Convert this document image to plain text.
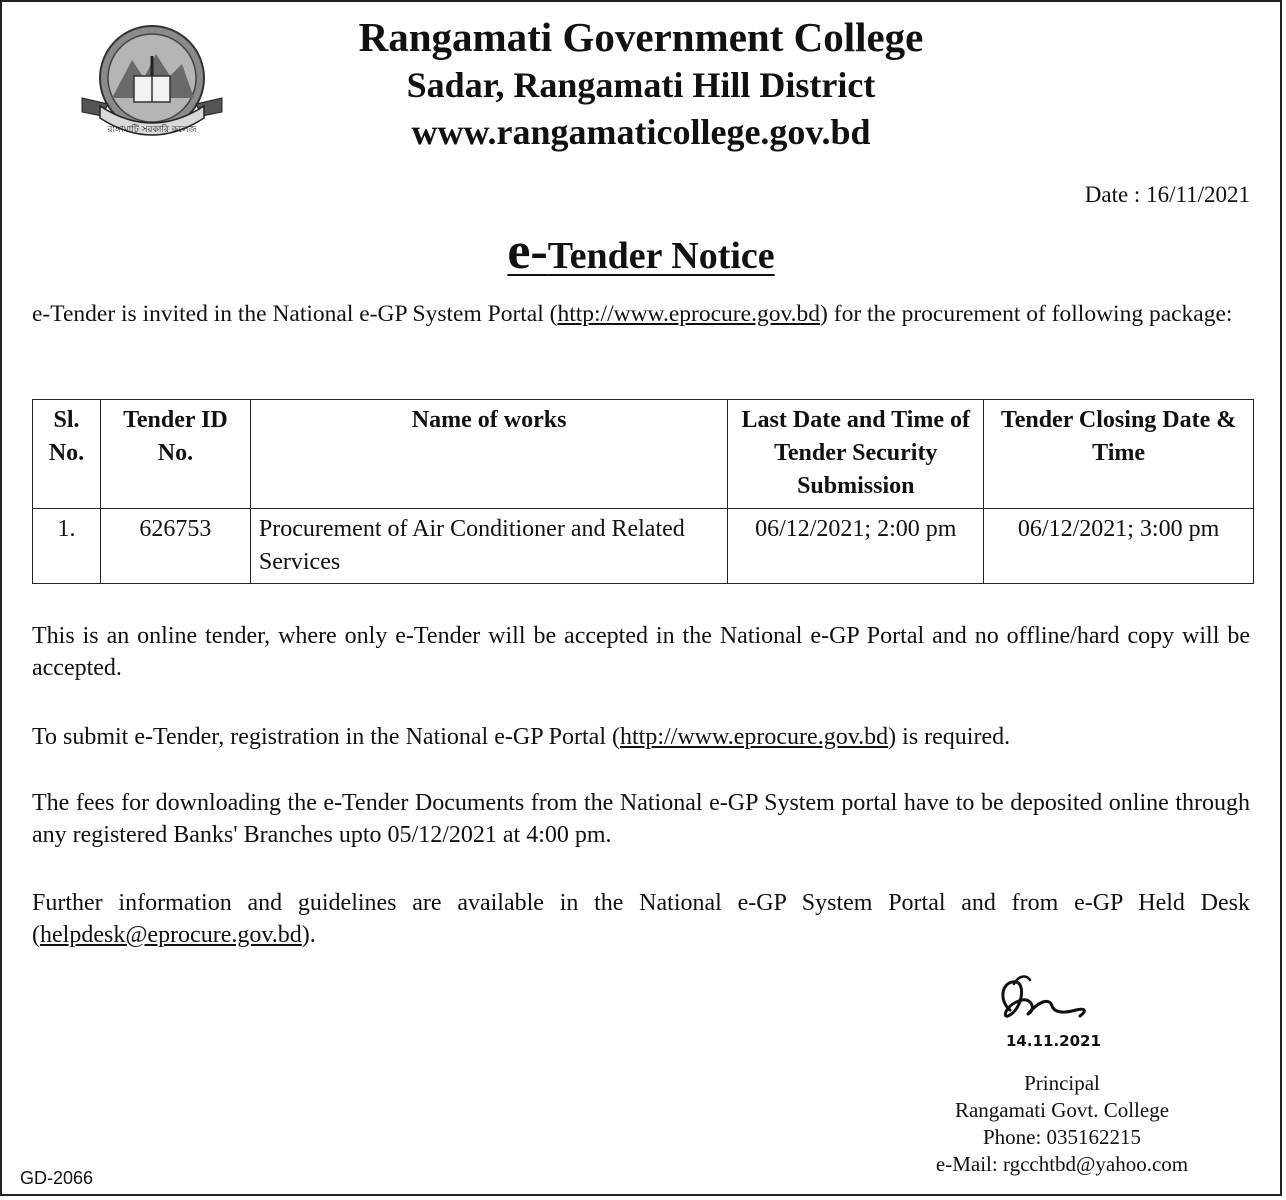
রাঙ্গামাটি সরকারি কলেজ
Rangamati Government College
Sadar, Rangamati Hill District
www.rangamaticollege.gov.bd
Date : 16/11/2021
e-Tender Notice
e-Tender is invited in the National e-GP System Portal (http://www.eprocure.gov.bd) for the procurement of following package:
Sl. No.	Tender ID No.	Name of works	Last Date and Time of Tender Security Submission	Tender Closing Date & Time
1.	626753	Procurement of Air Conditioner and Related Services	06/12/2021; 2:00 pm	06/12/2021; 3:00 pm
This is an online tender, where only e-Tender will be accepted in the National e-GP Portal and no offline/hard copy will be accepted.
To submit e-Tender, registration in the National e-GP Portal (http://www.eprocure.gov.bd) is required.
The fees for downloading the e-Tender Documents from the National e-GP System portal have to be deposited online through any registered Banks' Branches upto 05/12/2021 at 4:00 pm.
Further information and guidelines are available in the National e-GP System Portal and from e-GP Held Desk (helpdesk@eprocure.gov.bd).
14.11.2021
Principal
Rangamati Govt. College
Phone: 035162215
e-Mail: rgcchtbd@yahoo.com
GD-2066
